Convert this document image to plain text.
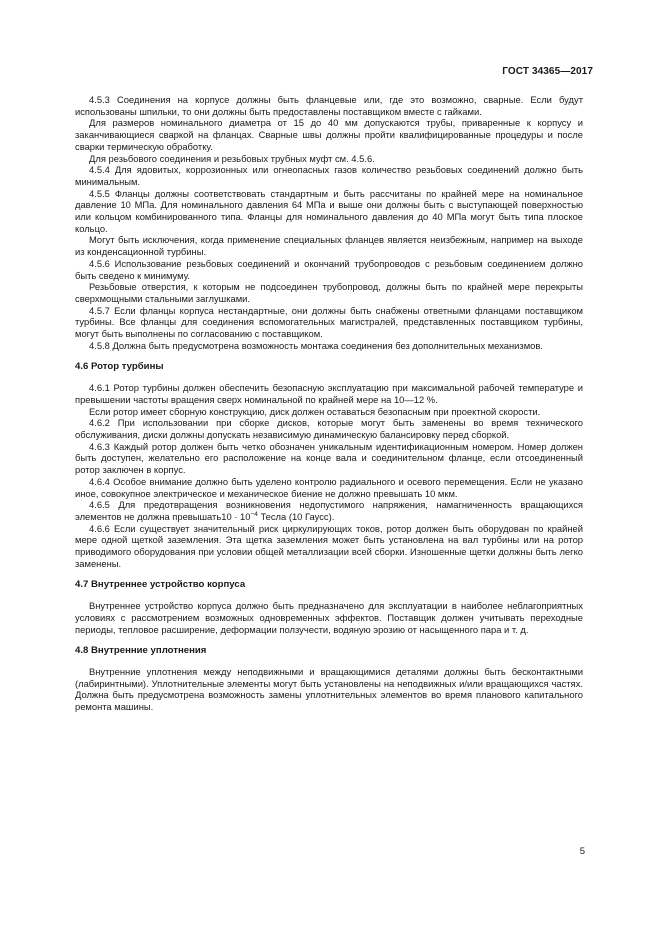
ГОСТ 34365—2017

4.5.3 Соединения на корпусе должны быть фланцевые или, где это возможно, сварные. Если будут использованы шпильки, то они должны быть предоставлены поставщиком вместе с гайками.

Для размеров номинального диаметра от 15 до 40 мм допускаются трубы, приваренные к корпусу и заканчивающиеся сваркой на фланцах. Сварные швы должны пройти квалифицированные процедуры и после сварки термическую обработку.

Для резьбового соединения и резьбовых трубных муфт см. 4.5.6.

4.5.4 Для ядовитых, коррозионных или огнеопасных газов количество резьбовых соединений должно быть минимальным.

4.5.5 Фланцы должны соответствовать стандартным и быть рассчитаны по крайней мере на номинальное давление 10 МПа. Для номинального давления 64 МПа и выше они должны быть с выступающей поверхностью или кольцом комбинированного типа. Фланцы для номинального давления до 40 МПа могут быть типа плоское кольцо.

Могут быть исключения, когда применение специальных фланцев является неизбежным, например на выходе из конденсационной турбины.

4.5.6 Использование резьбовых соединений и окончаний трубопроводов с резьбовым соединением должно быть сведено к минимуму.

Резьбовые отверстия, к которым не подсоединен трубопровод, должны быть по крайней мере перекрыты сверхмощными стальными заглушками.

4.5.7 Если фланцы корпуса нестандартные, они должны быть снабжены ответными фланцами поставщиком турбины. Все фланцы для соединения вспомогательных магистралей, представленных поставщиком турбины, могут быть выполнены по согласованию с поставщиком.

4.5.8 Должна быть предусмотрена возможность монтажа соединения без дополнительных механизмов.

4.6 Ротор турбины

4.6.1 Ротор турбины должен обеспечить безопасную эксплуатацию при максимальной рабочей температуре и превышении частоты вращения сверх номинальной по крайней мере на 10—12 %.

Если ротор имеет сборную конструкцию, диск должен оставаться безопасным при проектной скорости.

4.6.2 При использовании при сборке дисков, которые могут быть заменены во время технического обслуживания, диски должны допускать независимую динамическую балансировку перед сборкой.

4.6.3 Каждый ротор должен быть четко обозначен уникальным идентификационным номером. Номер должен быть доступен, желательно его расположение на конце вала и соединительном фланце, если отсоединенный ротор заключен в корпус.

4.6.4 Особое внимание должно быть уделено контролю радиального и осевого перемещения. Если не указано иное, совокупное электрическое и механическое биение не должно превышать 10 мкм.

4.6.5 Для предотвращения возникновения недопустимого напряжения, намагниченность вращающихся элементов не должна превышать10 · $10^{-4}$ Тесла (10 Гаусс).

4.6.6 Если существует значительный риск циркулирующих токов, ротор должен быть оборудован по крайней мере одной щеткой заземления. Эта щетка заземления может быть установлена на вал турбины или на ротор приводимого оборудования при условии общей металлизации всей сборки. Изношенные щетки должны быть легко заменены.

4.7 Внутреннее устройство корпуса

Внутреннее устройство корпуса должно быть предназначено для эксплуатации в наиболее неблагоприятных условиях с рассмотрением возможных одновременных эффектов. Поставщик должен учитывать переходные периоды, тепловое расширение, деформации ползучести, водяную эрозию от насыщенного пара и т. д.

4.8 Внутренние уплотнения

Внутренние уплотнения между неподвижными и вращающимися деталями должны быть бесконтактными (лабиринтными). Уплотнительные элементы могут быть установлены на неподвижных и/или вращающихся частях. Должна быть предусмотрена возможность замены уплотнительных элементов во время планового капитального ремонта машины.

5
